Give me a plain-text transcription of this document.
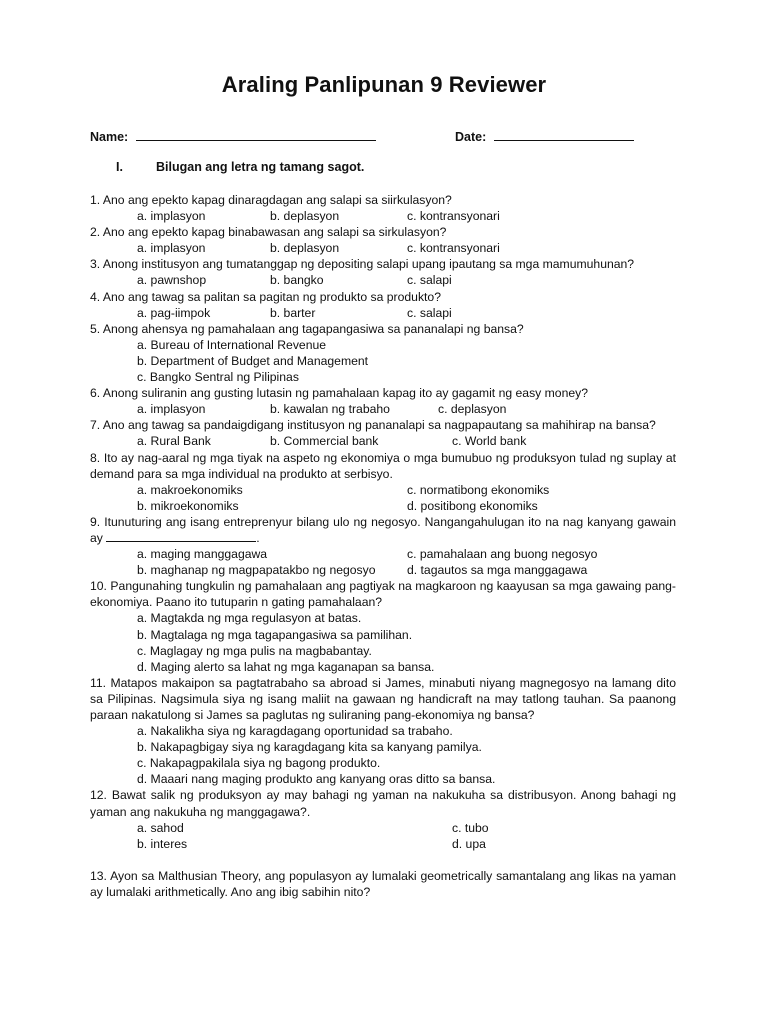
Araling Panlipunan 9 Reviewer
Name:	Date:
I.	Bilugan ang letra ng tamang sagot.
1. Ano ang epekto kapag dinaragdagan ang salapi sa siirkulasyon?
a. implasyon	b. deplasyon	c. kontransyonari
2. Ano ang epekto kapag binabawasan ang salapi sa sirkulasyon?
a. implasyon	b. deplasyon	c. kontransyonari
3. Anong institusyon ang tumatanggap ng depositing salapi upang ipautang sa mga mamumuhunan?
a. pawnshop	b. bangko	c. salapi
4. Ano ang tawag sa palitan sa pagitan ng produkto sa produkto?
a. pag-iimpok	b. barter	c. salapi
5. Anong ahensya ng pamahalaan ang tagapangasiwa sa pananalapi ng bansa?
a. Bureau of International Revenue
b. Department of Budget and Management
c. Bangko Sentral ng Pilipinas
6. Anong suliranin ang gusting lutasin ng pamahalaan kapag ito ay gagamit ng easy money?
a. implasyon	b. kawalan ng trabaho	c. deplasyon
7. Ano ang tawag sa pandaigdigang institusyon ng pananalapi sa nagpapautang sa mahihirap na bansa?
a. Rural Bank	b. Commercial bank	c. World bank
8. Ito ay nag-aaral ng mga tiyak na aspeto ng ekonomiya o mga bumubuo ng produksyon tulad ng suplay at demand para sa mga individual na produkto at serbisyo.
a. makroekonomiks	c. normatibong ekonomiks
b. mikroekonomiks	d. positibong ekonomiks
9. Itunuturing ang isang entreprenyur bilang ulo ng negosyo. Nangangahulugan ito na nag kanyang gawain ay	.
a. maging manggagawa	c. pamahalaan ang buong negosyo
b. maghanap ng magpapatakbo ng negosyo	d. tagautos sa mga manggagawa
10. Pangunahing tungkulin ng pamahalaan ang pagtiyak na magkaroon ng kaayusan sa mga gawaing pang-ekonomiya. Paano ito tutuparin n gating pamahalaan?
a. Magtakda ng mga regulasyon at batas.
b. Magtalaga ng mga tagapangasiwa sa pamilihan.
c. Maglagay ng mga pulis na magbabantay.
d. Maging alerto sa lahat ng mga kaganapan sa bansa.
11. Matapos makaipon sa pagtatrabaho sa abroad si James, minabuti niyang magnegosyo na lamang dito sa Pilipinas. Nagsimula siya ng isang maliit na gawaan ng handicraft na may tatlong tauhan. Sa paanong paraan nakatulong si James sa paglutas ng suliraning pang-ekonomiya ng bansa?
a. Nakalikha siya ng karagdagang oportunidad sa trabaho.
b. Nakapagbigay siya ng karagdagang kita sa kanyang pamilya.
c. Nakapagpakilala siya ng bagong produkto.
d. Maaari nang maging produkto ang kanyang oras ditto sa bansa.
12. Bawat salik ng produksyon ay may bahagi ng yaman na nakukuha sa distribusyon. Anong bahagi ng yaman ang nakukuha ng manggagawa?.
a. sahod	c. tubo
b. interes	d. upa
13. Ayon sa Malthusian Theory, ang populasyon ay lumalaki geometrically samantalang ang likas na yaman ay lumalaki arithmetically. Ano ang ibig sabihin nito?
